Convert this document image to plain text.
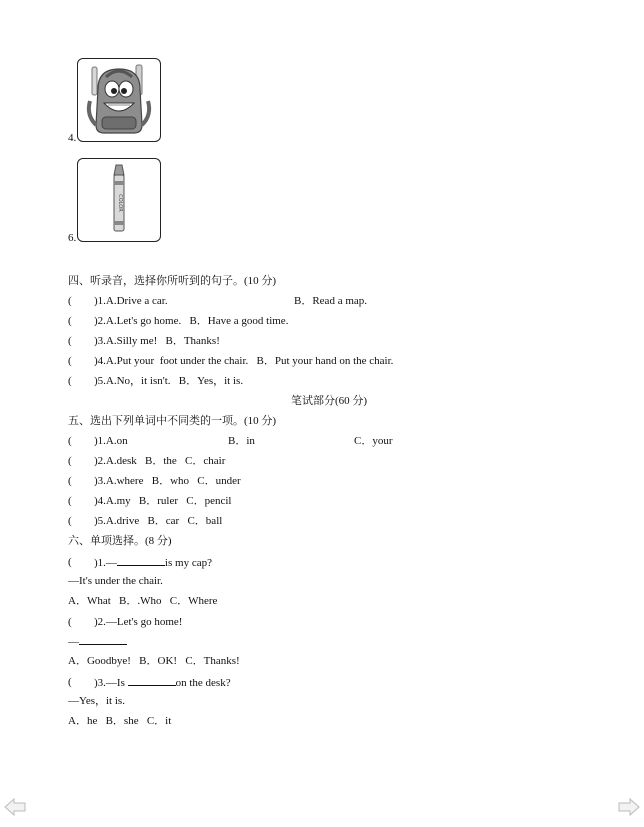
4.
COLOR
6.
四、听录音，选择你所听到的句子。(10 分)
( )1.A.Drive a car.	B．Read a map.
( )2.A.Let's go home.   B．Have a good time.
( )3.A.Silly me!   B．Thanks!
( )4.A.Put your  foot under the chair.   B．Put your hand on the chair.
( )5.A.No，it isn't.   B．Yes，it is.
笔试部分(60 分)
五、选出下列单词中不同类的一项。(10 分)
( )1.A.on	B．in	C．your
( )2.A.desk   B．the   C．chair
( )3.A.where   B．who   C．under
( )4.A.my   B．ruler   C．pencil
( )5.A.drive   B．car   C．ball
六、单项选择。(8 分)
( )1.—	is my cap?
—It's under the chair.
A．What   B．.Who   C．Where
( )2.—Let's go home!
—
A．Goodbye!   B．OK!   C．Thanks!
( )3.—Is	on the desk?
—Yes，it is.
A．he   B．she   C．it
